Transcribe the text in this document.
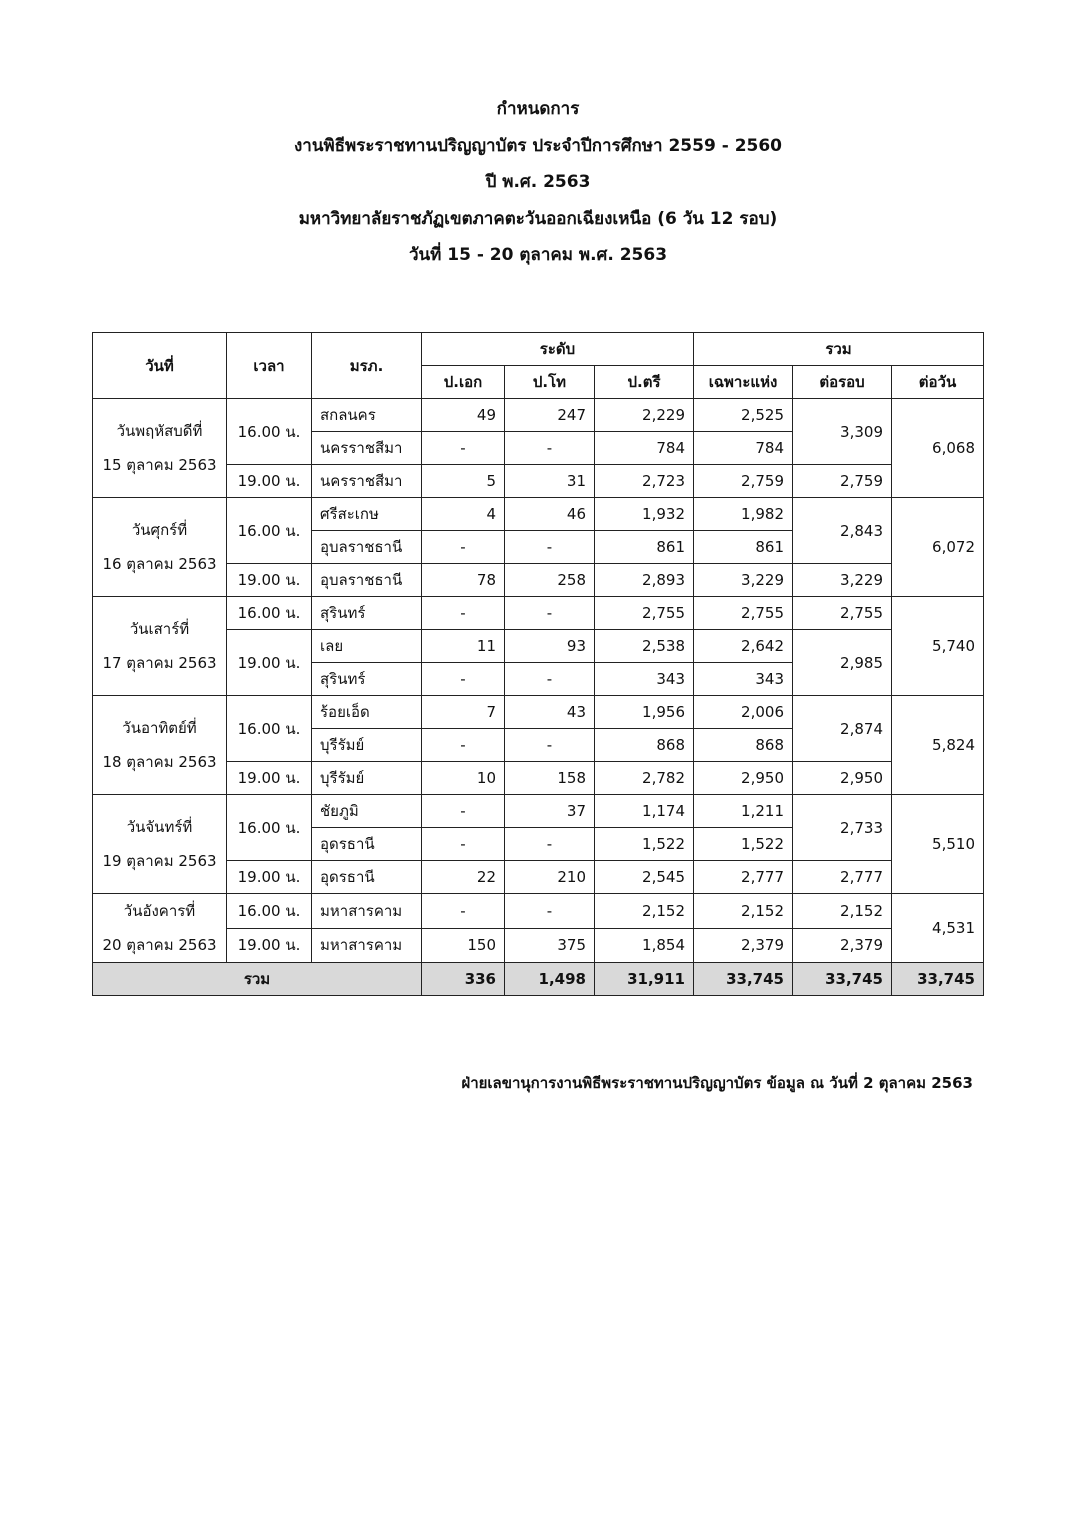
กำหนดการ
งานพิธีพระราชทานปริญญาบัตร ประจำปีการศึกษา 2559 - 2560
ปี พ.ศ. 2563
มหาวิทยาลัยราชภัฏเขตภาคตะวันออกเฉียงเหนือ (6 วัน 12 รอบ)
วันที่ 15 - 20 ตุลาคม พ.ศ. 2563
วันที่	เวลา	มรภ.	ระดับ			รวม		
			ป.เอก	ป.โท	ป.ตรี	เฉพาะแห่ง	ต่อรอบ	ต่อวัน

วันพฤหัสบดีที่
15 ตุลาคม 2563	16.00 น.	สกลนคร	49	247	2,229	2,525	3,309	6,068
		นครราชสีมา	-	-	784	784		
	19.00 น.	นครราชสีมา	5	31	2,723	2,759	2,759	

วันศุกร์ที่
16 ตุลาคม 2563	16.00 น.	ศรีสะเกษ	4	46	1,932	1,982	2,843	6,072
		อุบลราชธานี	-	-	861	861		
	19.00 น.	อุบลราชธานี	78	258	2,893	3,229	3,229	

วันเสาร์ที่
17 ตุลาคม 2563	16.00 น.	สุรินทร์	-	-	2,755	2,755	2,755	5,740
	19.00 น.	เลย	11	93	2,538	2,642	2,985	
		สุรินทร์	-	-	343	343		

วันอาทิตย์ที่
18 ตุลาคม 2563	16.00 น.	ร้อยเอ็ด	7	43	1,956	2,006	2,874	5,824
		บุรีรัมย์	-	-	868	868		
	19.00 น.	บุรีรัมย์	10	158	2,782	2,950	2,950	

วันจันทร์ที่
19 ตุลาคม 2563	16.00 น.	ชัยภูมิ	-	37	1,174	1,211	2,733	5,510
		อุดรธานี	-	-	1,522	1,522		
	19.00 น.	อุดรธานี	22	210	2,545	2,777	2,777	

วันอังคารที่
20 ตุลาคม 2563	16.00 น.	มหาสารคาม	-	-	2,152	2,152	2,152	4,531
	19.00 น.	มหาสารคาม	150	375	1,854	2,379	2,379	
รวม			336	1,498	31,911	33,745	33,745	33,745
ฝ่ายเลขานุการงานพิธีพระราชทานปริญญาบัตร ข้อมูล ณ วันที่ 2 ตุลาคม 2563
